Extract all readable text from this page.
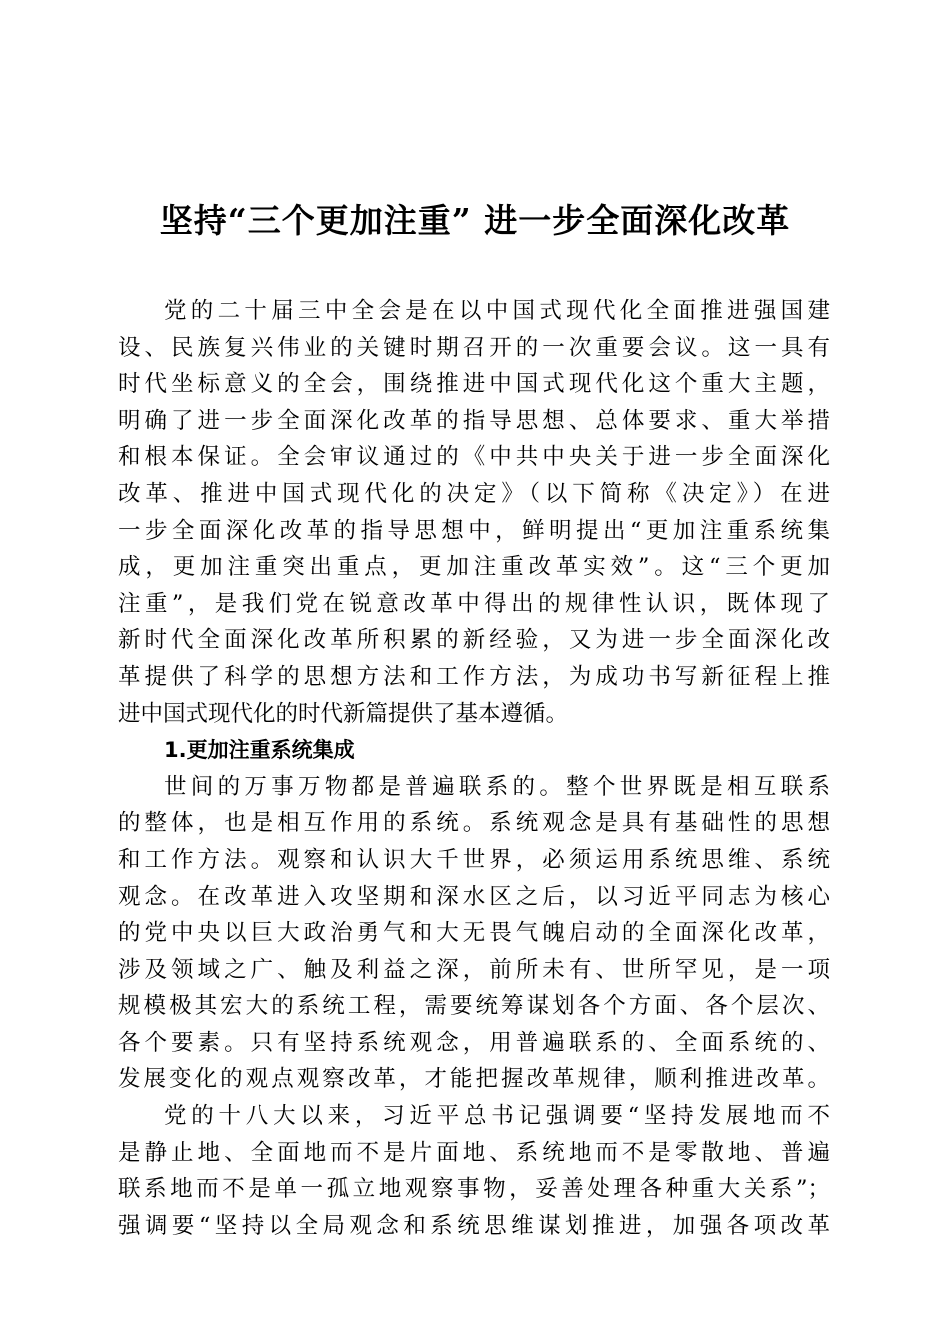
坚持“三个更加注重” 进一步全面深化改革
党的二十届三中全会是在以中国式现代化全面推进强国建
设、民族复兴伟业的关键时期召开的一次重要会议。这一具有
时代坐标意义的全会，围绕推进中国式现代化这个重大主题，
明确了进一步全面深化改革的指导思想、总体要求、重大举措
和根本保证。全会审议通过的《中共中央关于进一步全面深化
改革、推进中国式现代化的决定》（以下简称《决定》）在进
一步全面深化改革的指导思想中，鲜明提出“更加注重系统集
成，更加注重突出重点，更加注重改革实效”。这“三个更加
注重”，是我们党在锐意改革中得出的规律性认识，既体现了
新时代全面深化改革所积累的新经验，又为进一步全面深化改
革提供了科学的思想方法和工作方法，为成功书写新征程上推
进中国式现代化的时代新篇提供了基本遵循。
1.更加注重系统集成
世间的万事万物都是普遍联系的。整个世界既是相互联系
的整体，也是相互作用的系统。系统观念是具有基础性的思想
和工作方法。观察和认识大千世界，必须运用系统思维、系统
观念。在改革进入攻坚期和深水区之后，以习近平同志为核心
的党中央以巨大政治勇气和大无畏气魄启动的全面深化改革，
涉及领域之广、触及利益之深，前所未有、世所罕见，是一项
规模极其宏大的系统工程，需要统筹谋划各个方面、各个层次、
各个要素。只有坚持系统观念，用普遍联系的、全面系统的、
发展变化的观点观察改革，才能把握改革规律，顺利推进改革。
党的十八大以来，习近平总书记强调要“坚持发展地而不
是静止地、全面地而不是片面地、系统地而不是零散地、普遍
联系地而不是单一孤立地观察事物，妥善处理各种重大关系”；
强调要“坚持以全局观念和系统思维谋划推进，加强各项改革
